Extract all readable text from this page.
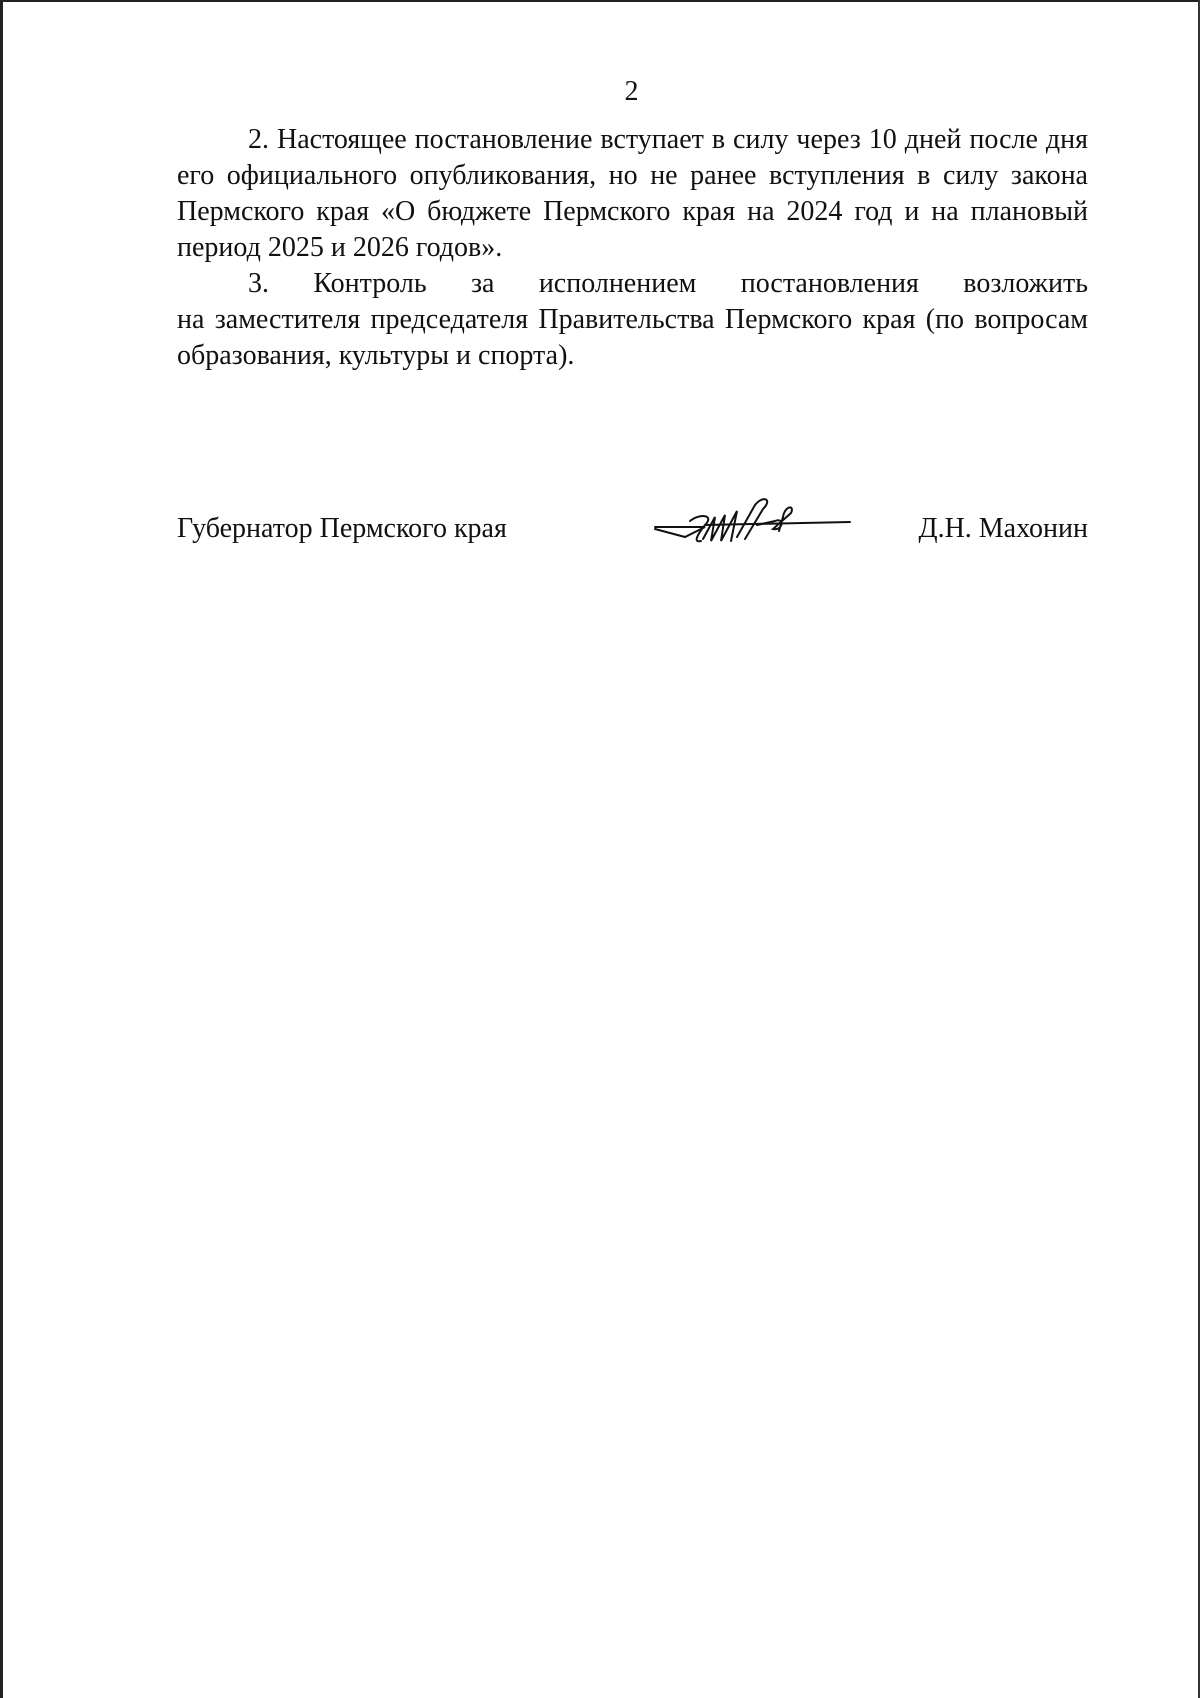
2
2. Настоящее постановление вступает в силу через 10 дней после дня
его официального опубликования, но не ранее вступления в силу закона
Пермского края «О бюджете Пермского края на 2024 год и на плановый
период 2025 и 2026 годов».
3. Контроль за исполнением постановления возложить
на заместителя председателя Правительства Пермского края (по вопросам
образования, культуры и спорта).
Губернатор Пермского края	Д.Н. Махонин
